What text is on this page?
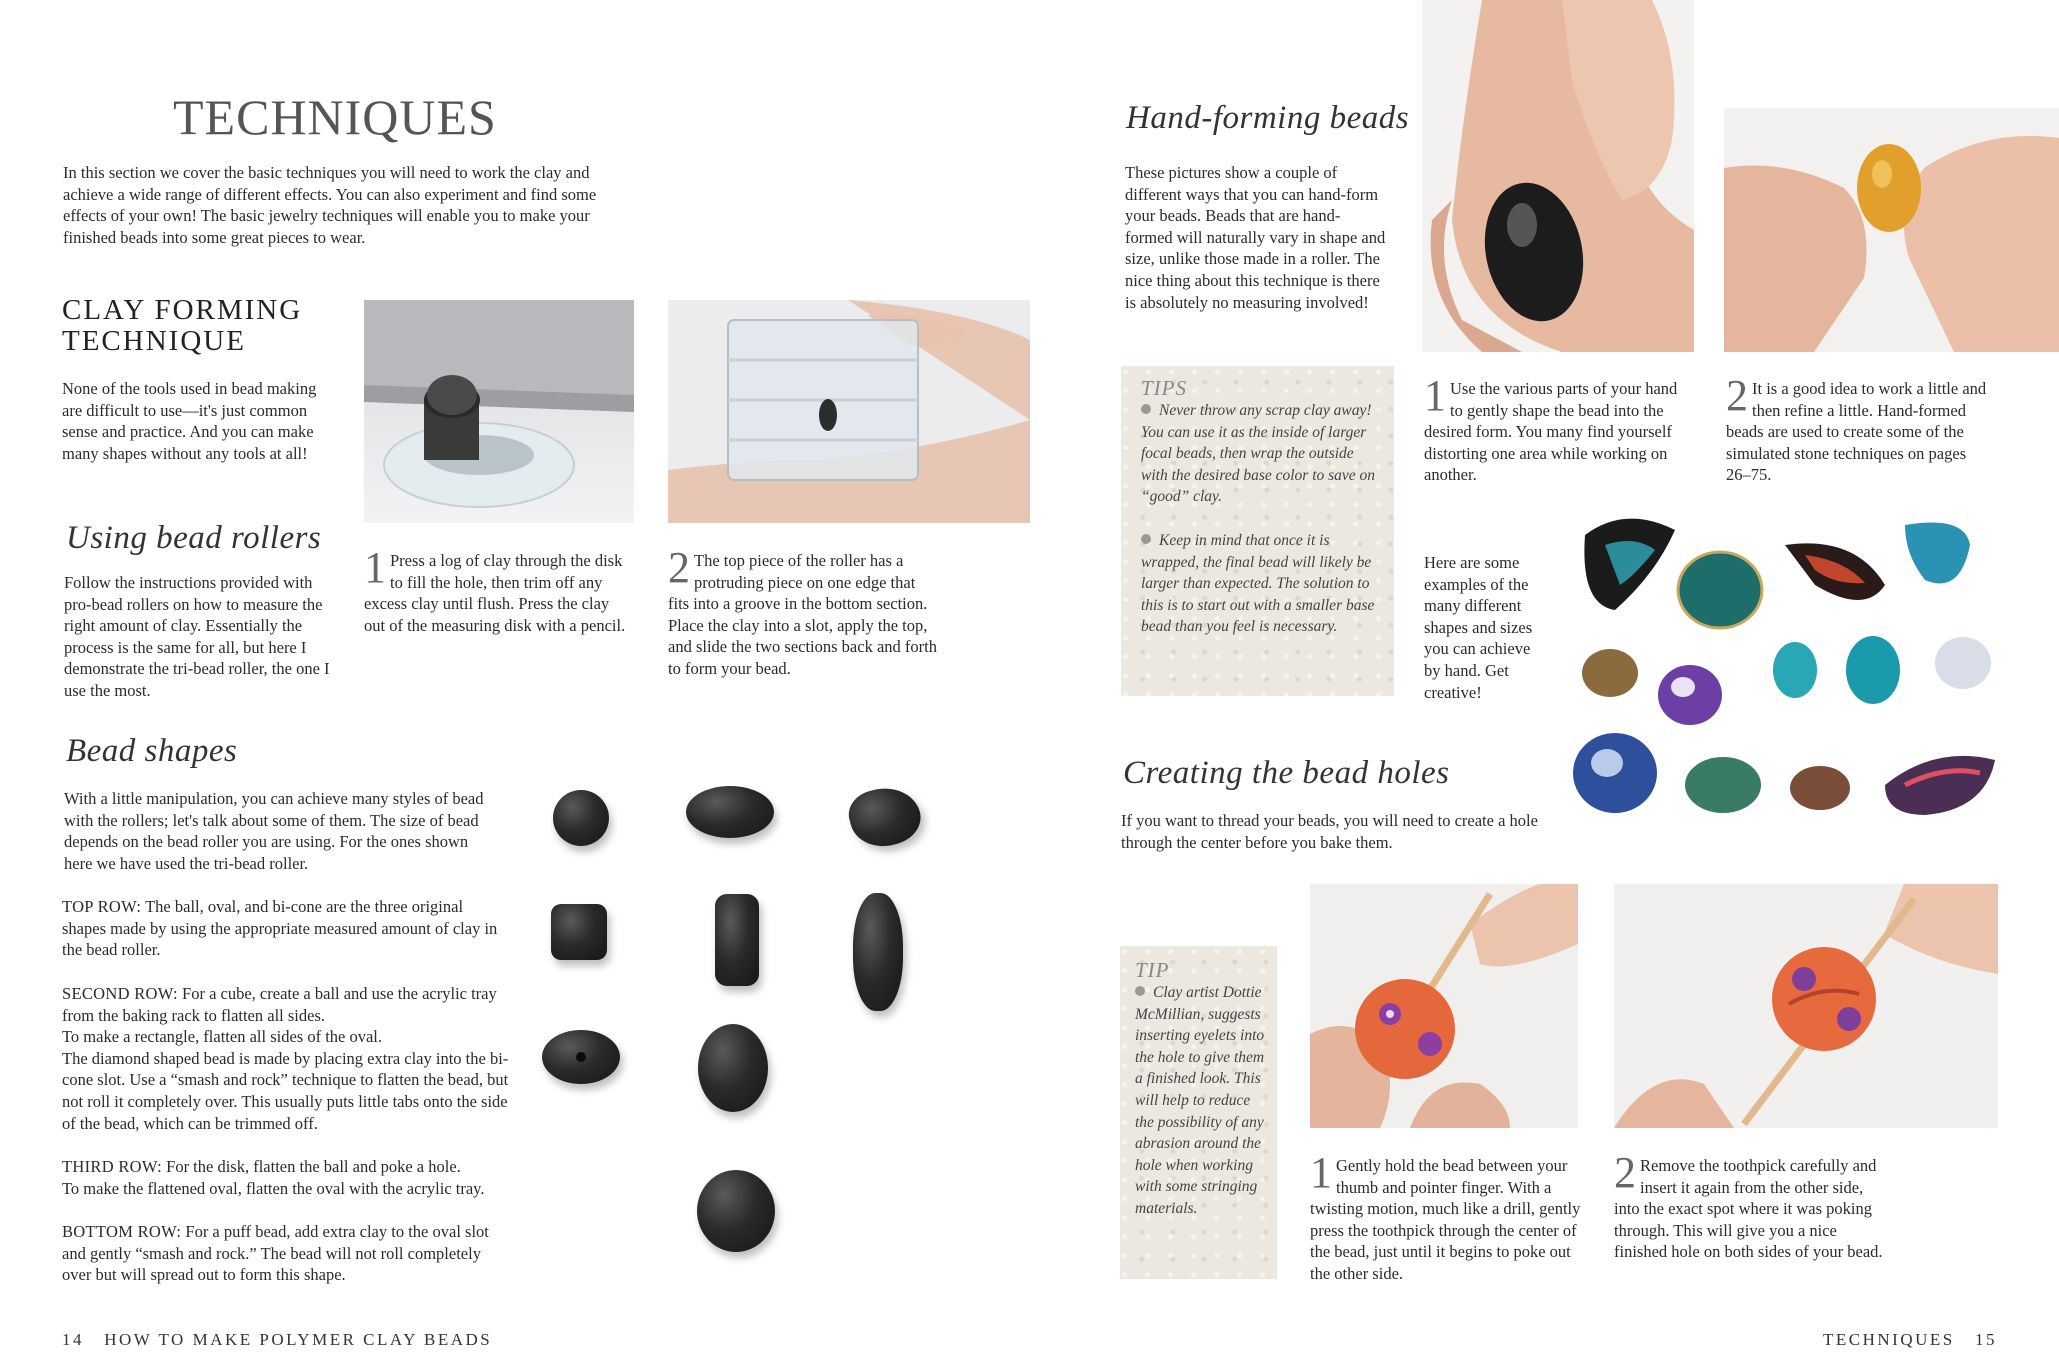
TECHNIQUES

In this section we cover the basic techniques you will need to work the clay and achieve a wide range of different effects. You can also experiment and find some effects of your own! The basic jewelry techniques will enable you to make your finished beads into some great pieces to wear.

CLAY FORMING
TECHNIQUE

None of the tools used in bead making are difficult to use—it's just common sense and practice. And you can make many shapes without any tools at all!

Using bead rollers

Follow the instructions provided with pro-bead rollers on how to measure the right amount of clay. Essentially the process is the same for all, but here I demonstrate the tri-bead roller, the one I use the most.

1 Press a log of clay through the disk to fill the hole, then trim off any excess clay until flush. Press the clay out of the measuring disk with a pencil.
2 The top piece of the roller has a protruding piece on one edge that fits into a groove in the bottom section. Place the clay into a slot, apply the top, and slide the two sections back and forth to form your bead.
Bead shapes

With a little manipulation, you can achieve many styles of bead with the rollers; let's talk about some of them. The size of bead depends on the bead roller you are using. For the ones shown here we have used the tri-bead roller.

TOP ROW: The ball, oval, and bi-cone are the three original shapes made by using the appropriate measured amount of clay in the bead roller.

SECOND ROW: For a cube, create a ball and use the acrylic tray from the baking rack to flatten all sides.

To make a rectangle, flatten all sides of the oval.

The diamond shaped bead is made by placing extra clay into the bi-cone slot. Use a “smash and rock” technique to flatten the bead, but not roll it completely over. This usually puts little tabs onto the side of the bead, which can be trimmed off.

THIRD ROW: For the disk, flatten the ball and poke a hole.

To make the flattened oval, flatten the oval with the acrylic tray.

BOTTOM ROW: For a puff bead, add extra clay to the oval slot and gently “smash and rock.” The bead will not roll completely over but will spread out to form this shape.

14 HOW TO MAKE POLYMER CLAY BEADS
Hand-forming beads

These pictures show a couple of different ways that you can hand-form your beads. Beads that are hand-formed will naturally vary in shape and size, unlike those made in a roller. The nice thing about this technique is there is absolutely no measuring involved!

1 Use the various parts of your hand to gently shape the bead into the desired form. You many find yourself distorting one area while working on another.
2 It is a good idea to work a little and then refine a little. Hand-formed beads are used to create some of the simulated stone techniques on pages 26–75.
TIPS

Never throw any scrap clay away! You can use it as the inside of larger focal beads, then wrap the outside with the desired base color to save on “good” clay.

Keep in mind that once it is wrapped, the final bead will likely be larger than expected. The solution to this is to start out with a smaller base bead than you feel is necessary.

Here are some examples of the many different shapes and sizes you can achieve by hand. Get creative!

Creating the bead holes

If you want to thread your beads, you will need to create a hole through the center before you bake them.

TIP

Clay artist Dottie McMillian, suggests inserting eyelets into the hole to give them a finished look. This will help to reduce the possibility of any abrasion around the hole when working with some stringing materials.

1 Gently hold the bead between your thumb and pointer finger. With a twisting motion, much like a drill, gently press the toothpick through the center of the bead, just until it begins to poke out the other side.
2 Remove the toothpick carefully and insert it again from the other side, into the exact spot where it was poking through. This will give you a nice finished hole on both sides of your bead.
TECHNIQUES 15
